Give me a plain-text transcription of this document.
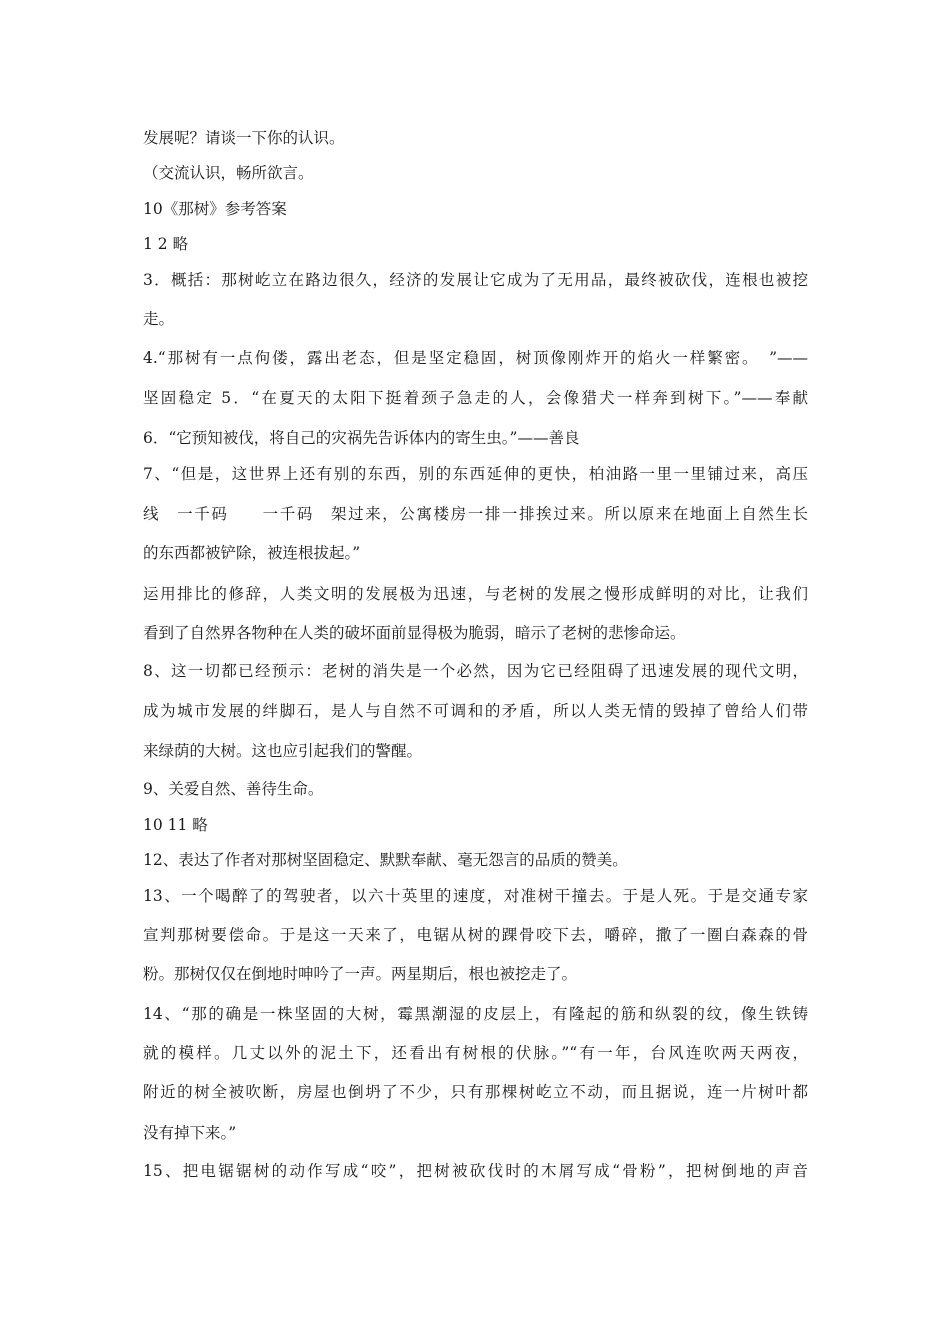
发展呢？请谈一下你的认识。
（交流认识，畅所欲言。
10《那树》参考答案
1 2 略
3．概括：那树屹立在路边很久，经济的发展让它成为了无用品，最终被砍伐，连根也被挖
走。
4.“那树有一点佝偻，露出老态，但是坚定稳固，树顶像刚炸开的焰火一样繁密。　”——
坚固稳定 5．“在夏天的太阳下挺着颈子急走的人，会像猎犬一样奔到树下。”——奉献
6．“它预知被伐，将自己的灾祸先告诉体内的寄生虫。”——善良
7、“但是，这世界上还有别的东西，别的东西延伸的更快，柏油路一里一里铺过来，高压
线　一千码　　一千码　架过来，公寓楼房一排一排挨过来。所以原来在地面上自然生长
的东西都被铲除，被连根拔起。”
运用排比的修辞，人类文明的发展极为迅速，与老树的发展之慢形成鲜明的对比，让我们
看到了自然界各物种在人类的破坏面前显得极为脆弱，暗示了老树的悲惨命运。
8、这一切都已经预示：老树的消失是一个必然，因为它已经阻碍了迅速发展的现代文明，
成为城市发展的绊脚石，是人与自然不可调和的矛盾，所以人类无情的毁掉了曾给人们带
来绿荫的大树。这也应引起我们的警醒。
9、关爱自然、善待生命。
10 11 略
12、表达了作者对那树坚固稳定、默默奉献、毫无怨言的品质的赞美。
13、一个喝醉了的驾驶者，以六十英里的速度，对准树干撞去。于是人死。于是交通专家
宣判那树要偿命。于是这一天来了，电锯从树的踝骨咬下去，嚼碎，撒了一圈白森森的骨
粉。那树仅仅在倒地时呻吟了一声。两星期后，根也被挖走了。
14、“那的确是一株坚固的大树，霉黑潮湿的皮层上，有隆起的筋和纵裂的纹，像生铁铸
就的模样。几丈以外的泥土下，还看出有树根的伏脉。”“有一年，台风连吹两天两夜，
附近的树全被吹断，房屋也倒坍了不少，只有那棵树屹立不动，而且据说，连一片树叶都
没有掉下来。”
15、把电锯锯树的动作写成“咬”，把树被砍伐时的木屑写成“骨粉”，把树倒地的声音
